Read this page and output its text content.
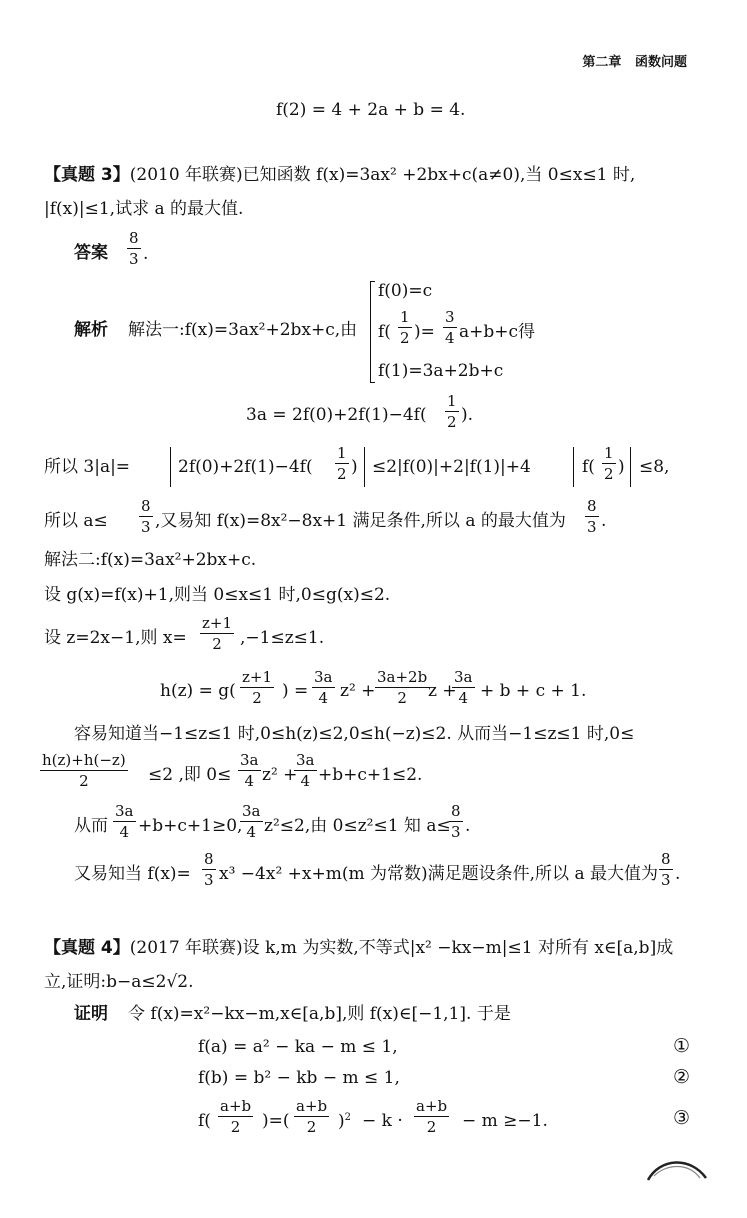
第二章 函数问题
f(2) = 4 + 2a + b = 4.
【真题 3】(2010 年联赛)已知函数 f(x)=3ax² +2bx+c(a≠0),当 0≤x≤1 时,
|f(x)|≤1,试求 a 的最大值.
答案 $\frac{8}{3}$ .
解析 解法一:f(x)=3ax²+2bx+c,由
f(0)=c
$f( \frac{1}{2}$ )= $\frac{3}{4} a+b+c$得
f(1)=3a+2b+c
$3a = 2f(0)+2f(1)-4f( \frac{1}{2}$ ).
所以 3|a|=	$2f(0)+2f(1)-4f( \frac{1}{2}$ ) ≤2|f(0)|+2|f(1)|+4	$f( \frac{1}{2}$ ) ≤8,
所以 $a\le \frac{8}{3}$ ,又易知 f(x)=8x²−8x+1 满足条件,所以 a 的最大值为 $\frac{8}{3}$ .
解法二:f(x)=3ax²+2bx+c.
设 g(x)=f(x)+1,则当 0≤x≤1 时,0≤g(x)≤2.
设 z=2x−1,则 $x= \frac{z+1}{2} ,-1\le z\le 1$.
$h(z) = g( \frac{z+1}{2}$ ) = $\frac{3a}{4} z^2 + \frac{3a+2b}{2}$
z +
$\frac{3a}{4} + b + c + 1$.
容易知道当−1≤z≤1 时,0≤h(z)≤2,0≤h(−z)≤2. 从而当−1≤z≤1 时,0≤
$\frac{h(z)+h(-z)}{2} \le 2$ ,即 $0\le \frac{3a}{4} z^2$ +
$\frac{3a}{4} +b+c+1\le 2$.
从而 $\frac{3a}{4} +b+c+1\ge 0$,
$\frac{3a}{4} z^2\le 2$,由 0≤z²≤1 知 a≤
$\frac{8}{3}$ .
又易知当 $f(x)= \frac{8}{3} x^3 -4x^2 +x+m(m$ 为常数)满足题设条件,所以 a 最大值为 $\frac{8}{3}$ .
【真题 4】(2017 年联赛)设 k,m 为实数,不等式|x² −kx−m|≤1 对所有 x∈[a,b]成
立,证明:b−a≤2√2.
证明 令 f(x)=x²−kx−m,x∈[a,b],则 f(x)∈[−1,1]. 于是
f(a) = a² − ka − m ≤ 1,	①
f(b) = b² − kb − m ≤ 1,	②
$f( \frac{a+b}{2}$ )=( $\frac{a+b}{2} )^2 - k \cdot \frac{a+b}{2} - m \ge-1$.	③
